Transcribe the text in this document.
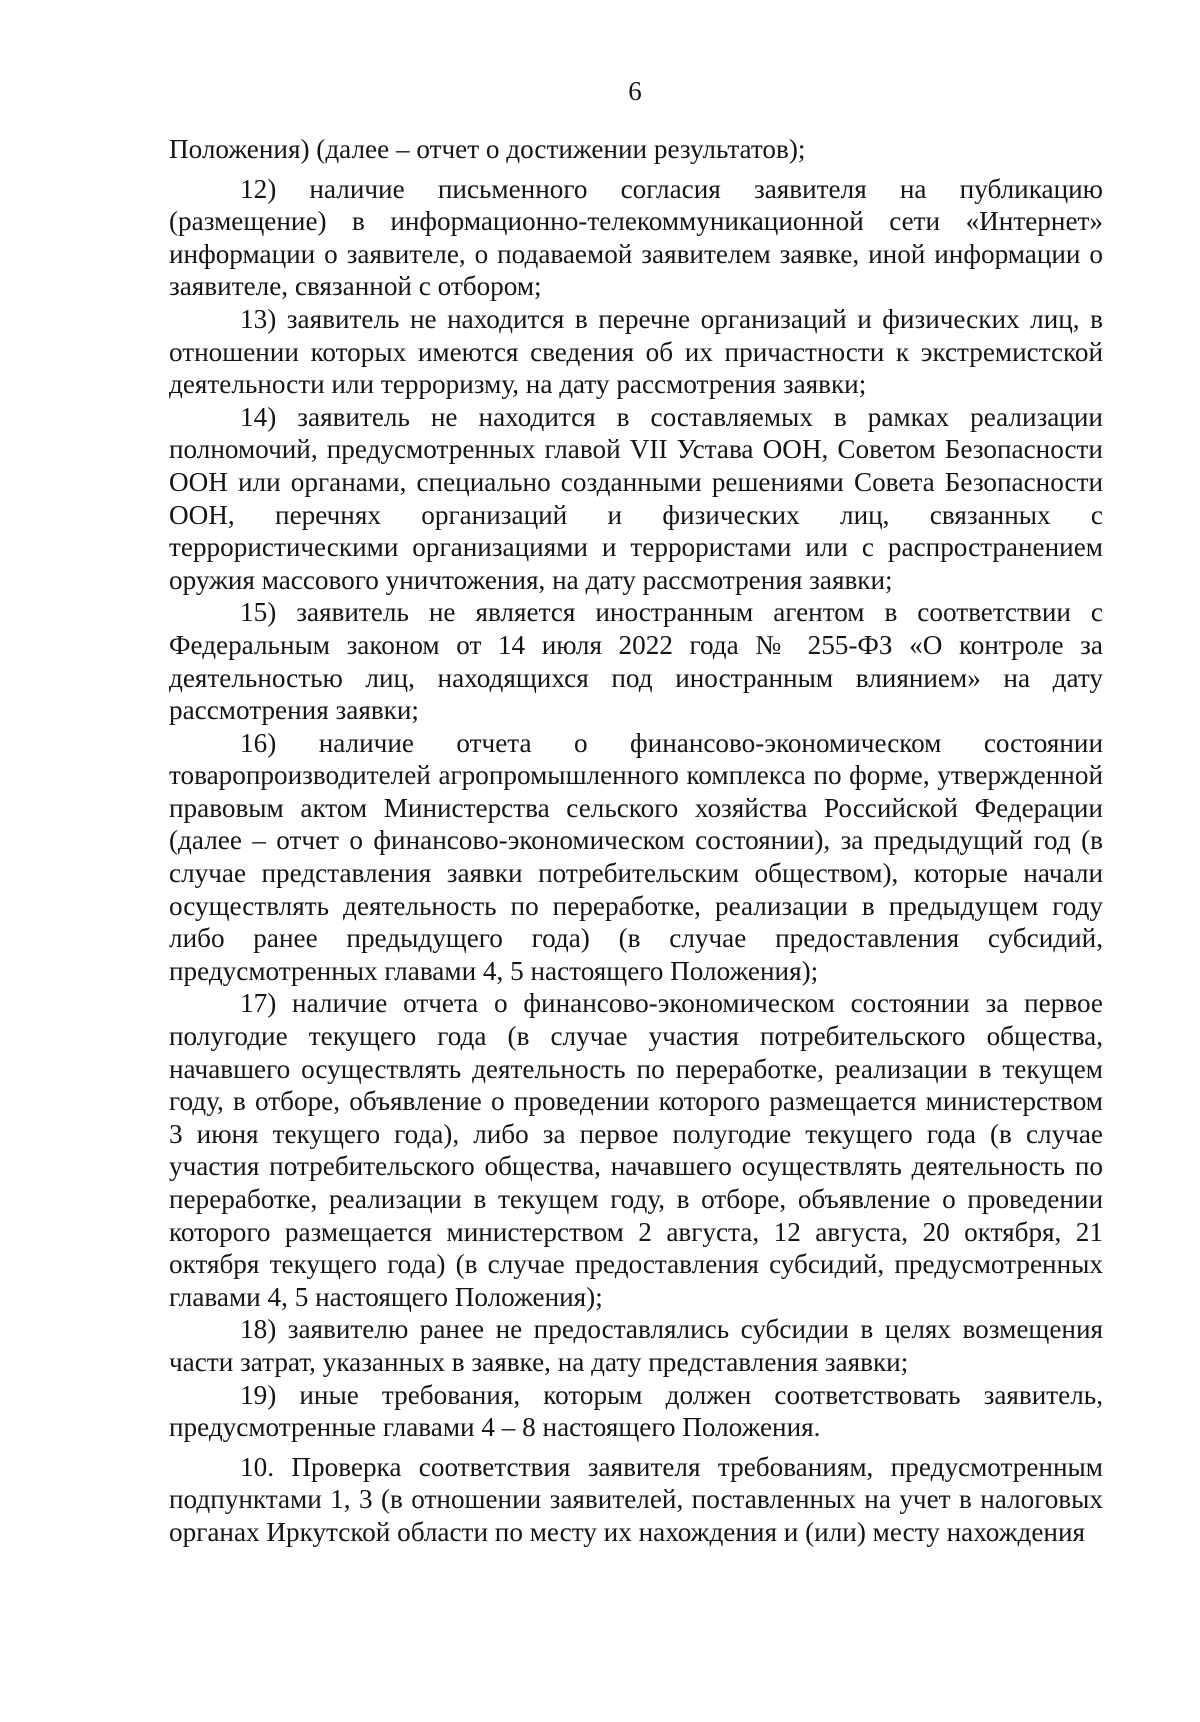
6

Положения) (далее – отчет о достижении результатов);

12) наличие письменного согласия заявителя на публикацию (размещение) в информационно-телекоммуникационной сети «Интернет» информации о заявителе, о подаваемой заявителем заявке, иной информации о заявителе, связанной с отбором;

13) заявитель не находится в перечне организаций и физических лиц, в отношении которых имеются сведения об их причастности к экстремистской деятельности или терроризму, на дату рассмотрения заявки;

14) заявитель не находится в составляемых в рамках реализации полномочий, предусмотренных главой VII Устава ООН, Советом Безопасности ООН или органами, специально созданными решениями Совета Безопасности ООН, перечнях организаций и физических лиц, связанных с террористическими организациями и террористами или с распространением оружия массового уничтожения, на дату рассмотрения заявки;

15) заявитель не является иностранным агентом в соответствии с Федеральным законом от 14 июля 2022 года № 255-ФЗ «О контроле за деятельностью лиц, находящихся под иностранным влиянием» на дату рассмотрения заявки;

16) наличие отчета о финансово-экономическом состоянии товаропроизводителей агропромышленного комплекса по форме, утвержденной правовым актом Министерства сельского хозяйства Российской Федерации (далее – отчет о финансово-экономическом состоянии), за предыдущий год (в случае представления заявки потребительским обществом), которые начали осуществлять деятельность по переработке, реализации в предыдущем году либо ранее предыдущего года) (в случае предоставления субсидий, предусмотренных главами 4, 5 настоящего Положения);

17) наличие отчета о финансово-экономическом состоянии за первое полугодие текущего года (в случае участия потребительского общества, начавшего осуществлять деятельность по переработке, реализации в текущем году, в отборе, объявление о проведении которого размещается министерством 3 июня текущего года), либо за первое полугодие текущего года (в случае участия потребительского общества, начавшего осуществлять деятельность по переработке, реализации в текущем году, в отборе, объявление о проведении которого размещается министерством 2 августа, 12 августа, 20 октября, 21 октября текущего года) (в случае предоставления субсидий, предусмотренных главами 4, 5 настоящего Положения);

18) заявителю ранее не предоставлялись субсидии в целях возмещения части затрат, указанных в заявке, на дату представления заявки;

19) иные требования, которым должен соответствовать заявитель, предусмотренные главами 4 – 8 настоящего Положения.

10. Проверка соответствия заявителя требованиям, предусмотренным подпунктами 1, 3 (в отношении заявителей, поставленных на учет в налоговых органах Иркутской области по месту их нахождения и (или) месту нахождения
